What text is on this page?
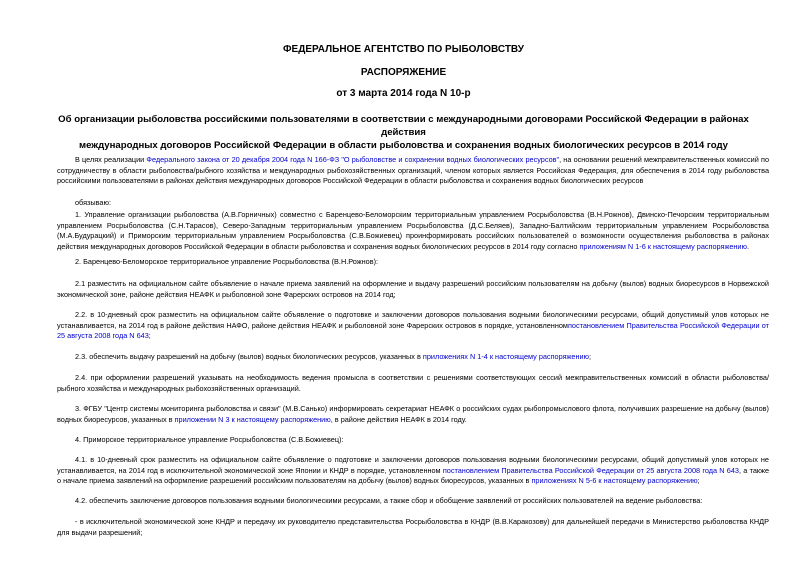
ФЕДЕРАЛЬНОЕ АГЕНТСТВО ПО РЫБОЛОВСТВУ
РАСПОРЯЖЕНИЕ
от 3 марта 2014 года N 10-р
Об организации рыболовства российскими пользователями в соответствии с международными договорами Российской Федерации в районах действия
международных договоров Российской Федерации в области рыболовства и сохранения водных биологических ресурсов в 2014 году
В целях реализации Федерального закона от 20 декабря 2004 года N 166-ФЗ "О рыболовстве и сохранении водных биологических ресурсов", на основании решений межправительственных комиссий по сотрудничеству в области рыболовства/рыбного хозяйства и международных рыбохозяйственных организаций, членом которых является Российская Федерация, для обеспечения в 2014 году рыболовства российскими пользователями в районах действия международных договоров Российской Федерации в области рыболовства и сохранения водных биологических ресурсов
обязываю:
1. Управление организации рыболовства (А.В.Горничных) совместно с Баренцево-Беломорским территориальным управлением Росрыболовства (В.Н.Рожнов), Двинско-Печорским территориальным управлением Росрыболовства (С.Н.Тарасов), Северо-Западным территориальным управлением Росрыболовства (Д.С.Беляев), Западно-Балтийским территориальным управлением Росрыболовства (М.А.Будурацкий) и Приморским территориальным управлением Росрыболовства (С.В.Божиевец) проинформировать российских пользователей о возможности осуществления рыболовства в районах действия международных договоров Российской Федерации в области рыболовства и сохранения водных биологических ресурсов в 2014 году согласно приложениям N 1-6 к настоящему распоряжению.
2. Баренцево-Беломорское территориальное управление Росрыболовства (В.Н.Рожнов):
2.1 разместить на официальном сайте объявление о начале приема заявлений на оформление и выдачу разрешений российским пользователям на добычу (вылов) водных биоресурсов в Норвежской экономической зоне, районе действия НЕАФК и рыболовной зоне Фарерских островов на 2014 год;
2.2. в 10-дневный срок разместить на официальном сайте объявление о подготовке и заключении договоров пользования водными биологическими ресурсами, общий допустимый улов которых не устанавливается, на 2014 год в районе действия НАФО, районе действия НЕАФК и рыболовной зоне Фарерских островов в порядке, установленномпостановлением Правительства Российской Федерации от 25 августа 2008 года N 643;
2.3. обеспечить выдачу разрешений на добычу (вылов) водных биологических ресурсов, указанных в приложениях N 1-4 к настоящему распоряжению;
2.4. при оформлении разрешений указывать на необходимость ведения промысла в соответствии с решениями соответствующих сессий межправительственных комиссий в области рыболовства/рыбного хозяйства и международных рыбохозяйственных организаций.
3. ФГБУ "Центр системы мониторинга рыболовства и связи" (М.В.Санько) информировать секретариат НЕАФК о российских судах рыбопромыслового флота, получивших разрешение на добычу (вылов) водных биоресурсов, указанных в приложении N 3 к настоящему распоряжению, в районе действия НЕАФК в 2014 году.
4. Приморское территориальное управление Росрыболовства (С.В.Божиевец):
4.1. в 10-дневный срок разместить на официальном сайте объявление о подготовке и заключении договоров пользования водными биологическими ресурсами, общий допустимый улов которых не устанавливается, на 2014 год в исключительной экономической зоне Японии и КНДР в порядке, установленном постановлением Правительства Российской Федерации от 25 августа 2008 года N 643, а также о начале приема заявлений на оформление разрешений российским пользователям на добычу (вылов) водных биоресурсов, указанных в приложениях N 5-6 к настоящему распоряжению;
4.2. обеспечить заключение договоров пользования водными биологическими ресурсами, а также сбор и обобщение заявлений от российских пользователей на ведение рыболовства:
- в исключительной экономической зоне КНДР и передачу их руководителю представительства Росрыболовства в КНДР (В.В.Каракозову) для дальнейшей передачи в Министерство рыболовства КНДР для выдачи разрешений;
